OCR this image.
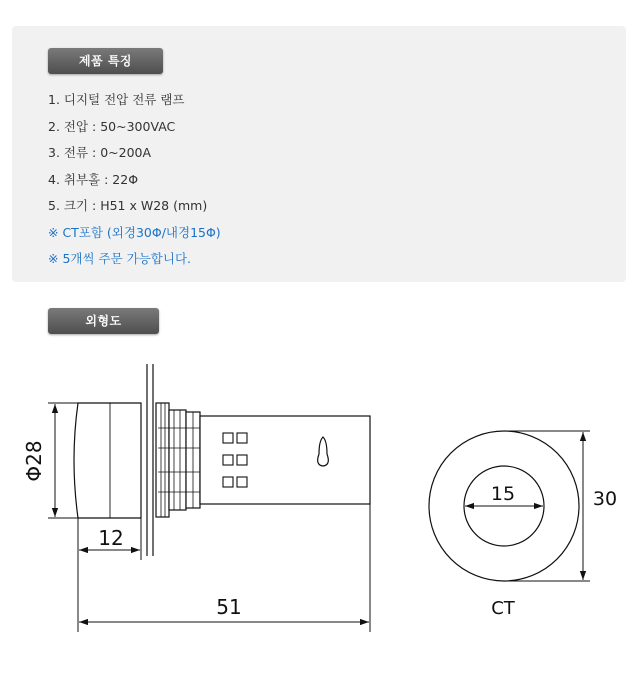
제품 특징
1. 디지털 전압 전류 램프
2. 전압 : 50~300VAC
3. 전류 : 0~200A
4. 취부홀 : 22Φ
5. 크기 : H51 x W28 (mm)
※ CT포함 (외경30Φ/내경15Φ)
※ 5개씩 주문 가능합니다.
외형도
Φ28
12
51
15	30
CT
